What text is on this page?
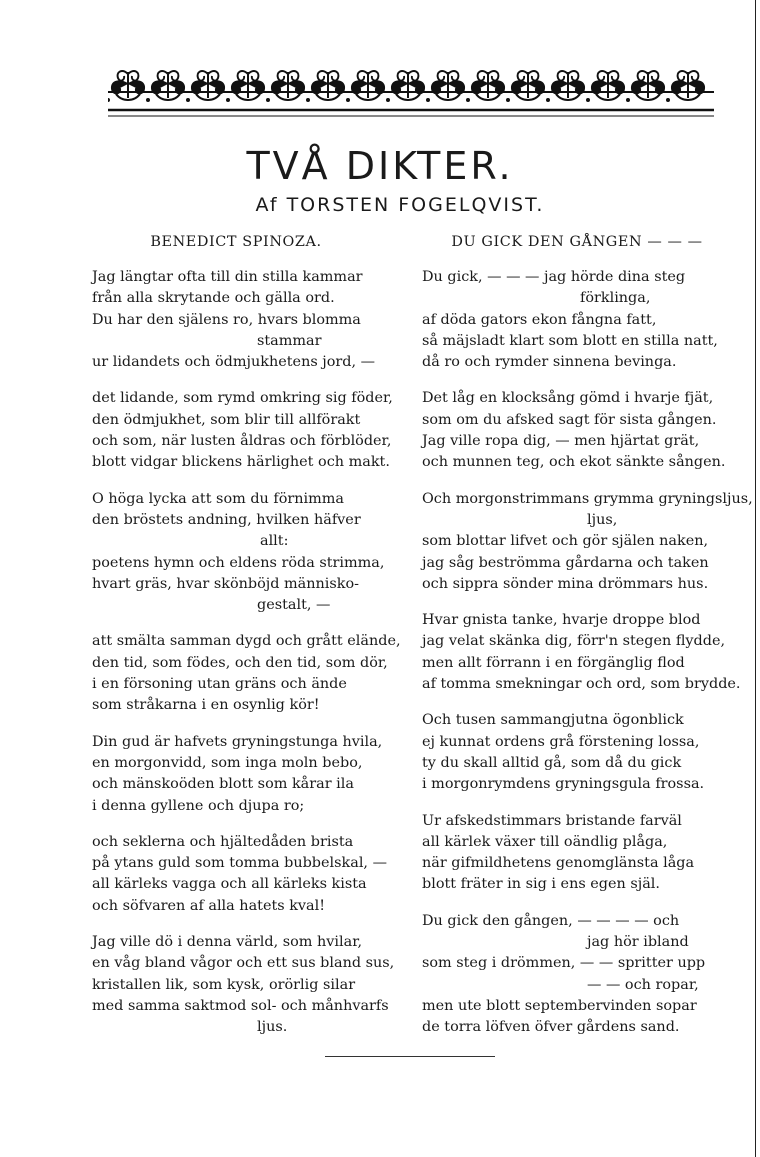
TVÅ DIKTER.
Af TORSTEN FOGELQVIST.
BENEDICT SPINOZA.
Jag längtar ofta till din stilla kammar
från alla skrytande och gälla ord.
Du har den själens ro, hvars blomma
stammar
ur lidandets och ödmjukhetens jord, —
det lidande, som rymd omkring sig föder,
den ödmjukhet, som blir till allförakt
och som, när lusten åldras och förblöder,
blott vidgar blickens härlighet och makt.
O höga lycka att som du förnimma
den bröstets andning, hvilken häfver
allt:
poetens hymn och eldens röda strimma,
hvart gräs, hvar skönböjd människo-
gestalt, —
att smälta samman dygd och grått elände,
den tid, som födes, och den tid, som dör,
i en försoning utan gräns och ände
som stråkarna i en osynlig kör!
Din gud är hafvets gryningstunga hvila,
en morgonvidd, som inga moln bebo,
och mänskoöden blott som kårar ila
i denna gyllene och djupa ro;
och seklerna och hjältedåden brista
på ytans guld som tomma bubbelskal, —
all kärleks vagga och all kärleks kista
och söfvaren af alla hatets kval!
Jag ville dö i denna värld, som hvilar,
en våg bland vågor och ett sus bland sus,
kristallen lik, som kysk, orörlig silar
med samma saktmod sol- och månhvarfs
ljus.
DU GICK DEN GÅNGEN — — —
Du gick, — — — jag hörde dina steg
förklinga,
af döda gators ekon fångna fatt,
så mäjsladt klart som blott en stilla natt,
då ro och rymder sinnena bevinga.
Det låg en klocksång gömd i hvarje fjät,
som om du afsked sagt för sista gången.
Jag ville ropa dig, — men hjärtat grät,
och munnen teg, och ekot sänkte sången.
Och morgonstrimmans grymma gryningsljus,
ljus,
som blottar lifvet och gör själen naken,
jag såg beströmma gårdarna och taken
och sippra sönder mina drömmars hus.
Hvar gnista tanke, hvarje droppe blod
jag velat skänka dig, förr'n stegen flydde,
men allt förrann i en förgänglig flod
af tomma smekningar och ord, som brydde.
Och tusen sammangjutna ögonblick
ej kunnat ordens grå förstening lossa,
ty du skall alltid gå, som då du gick
i morgonrymdens gryningsgula frossa.
Ur afskedstimmars bristande farväl
all kärlek växer till oändlig plåga,
när gifmildhetens genomglänsta låga
blott fräter in sig i ens egen själ.
Du gick den gången, — — — — och
jag hör ibland
som steg i drömmen, — — spritter upp
— — och ropar,
men ute blott septembervinden sopar
de torra löfven öfver gårdens sand.
